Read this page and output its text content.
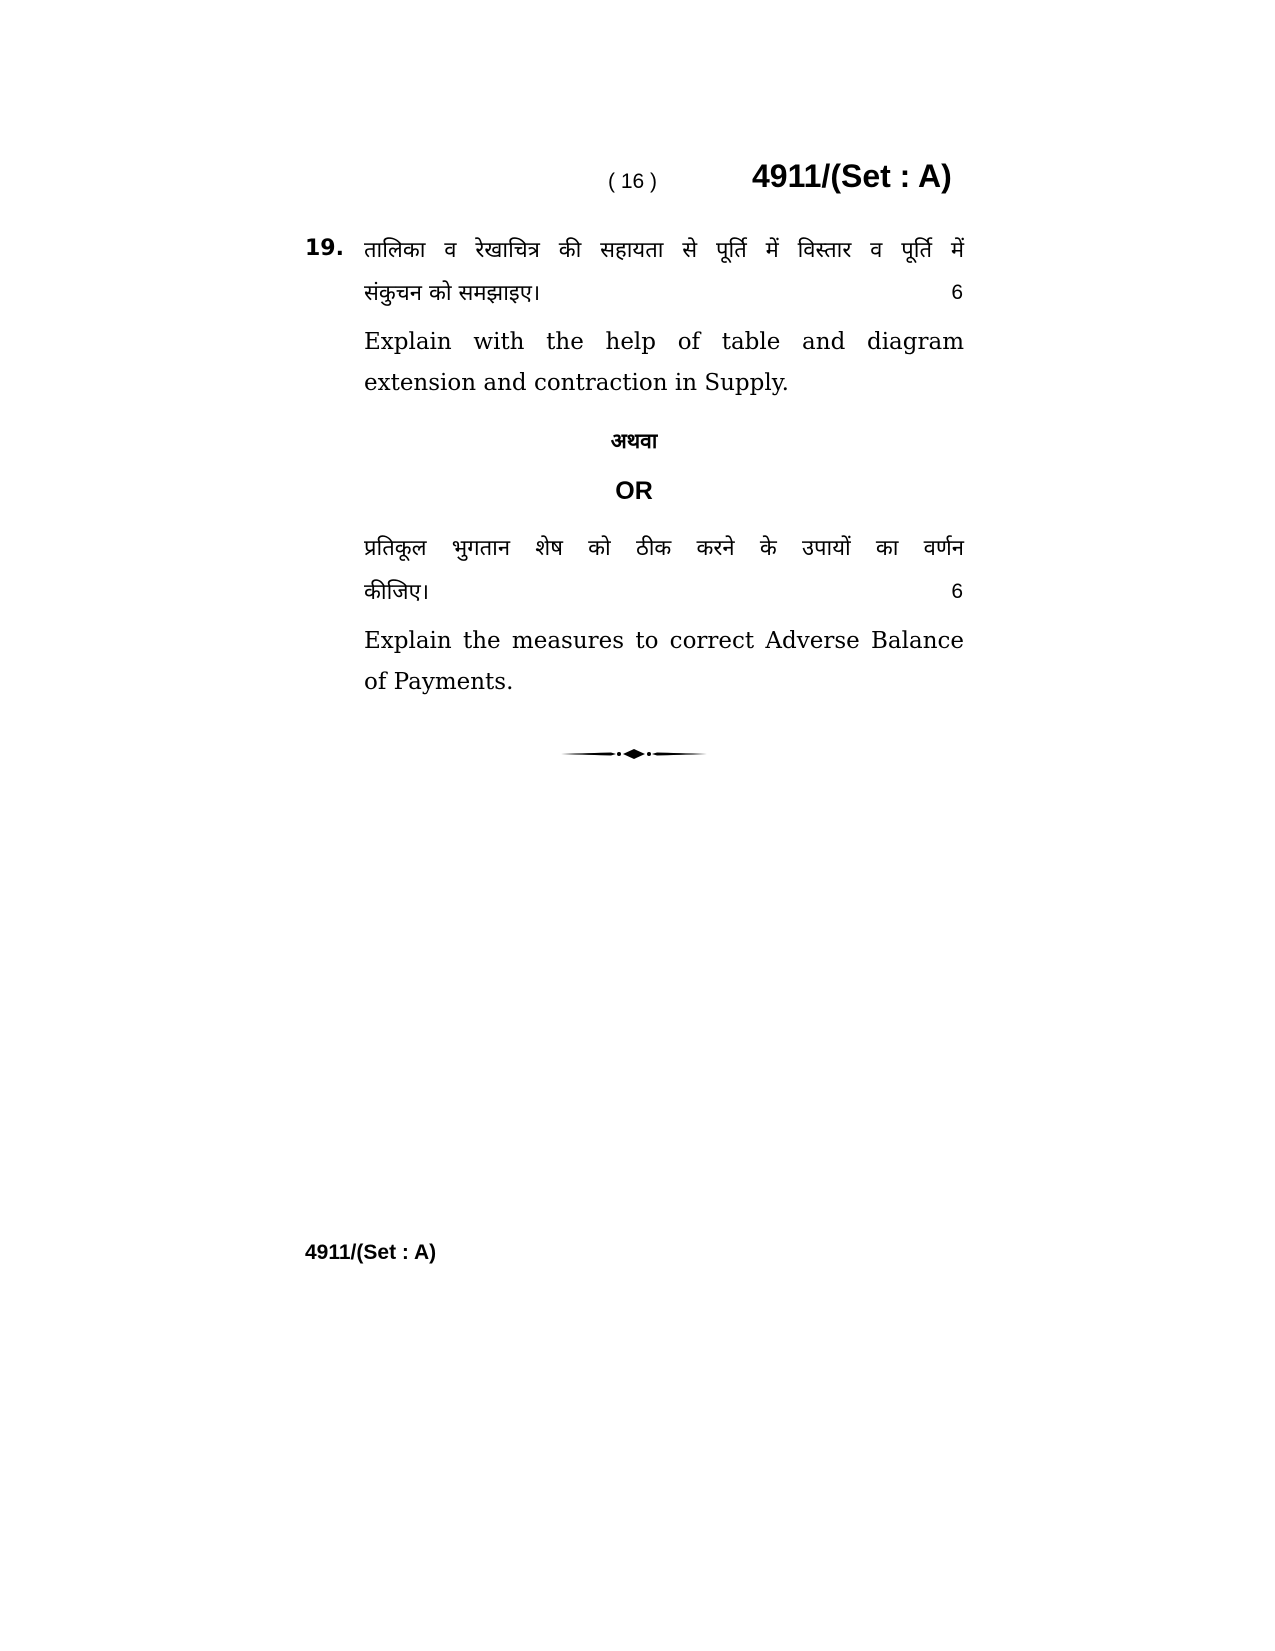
( 16 )	4911/(Set : A)
19. तालिका व रेखाचित्र की सहायता से पूर्ति में विस्तार व पूर्ति में
संकुचन को समझाइए।	6
Explain with the help of table and diagram
extension and contraction in Supply.
अथवा
OR
प्रतिकूल भुगतान शेष को ठीक करने के उपायों का वर्णन
कीजिए।	6
Explain the measures to correct Adverse Balance
of Payments.
4911/(Set : A)
